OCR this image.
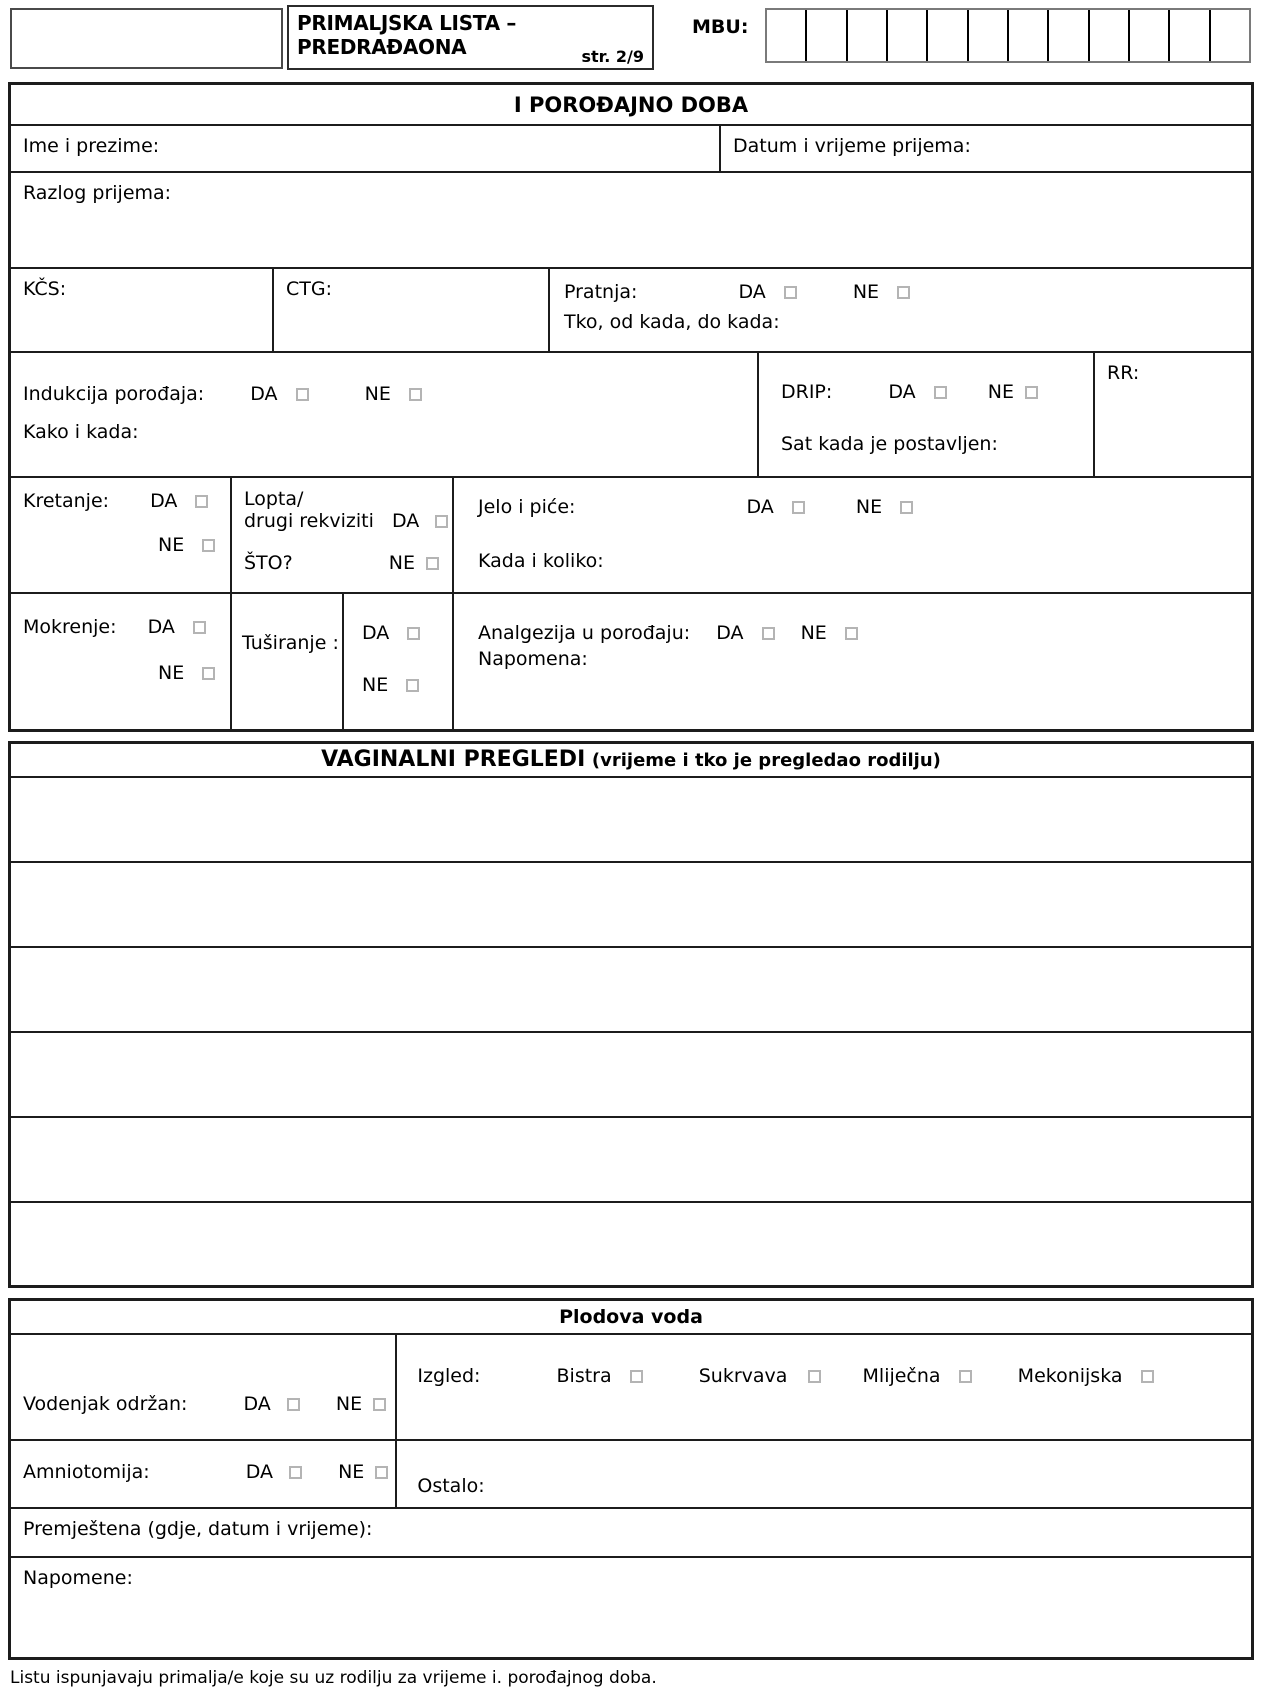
PRIMALJSKA LISTA –
PREDRAĐAONA	str. 2/9
MBU:
I POROĐAJNO DOBA
Ime i prezime:	Datum i vrijeme prijema:
Razlog prijema:
KČS:	CTG:	Pratnja:	DA	NE
Tko, od kada, do kada:
Indukcija porođaja: DA	NE
Kako i kada:
DRIP:	DA	NE
Sat kada je postavljen:
RR:
Kretanje: DA
NE
Lopta/
drugi rekviziti DA
ŠTO?	NE
Jelo i piće:	DA	NE
Kada i koliko:
Mokrenje: DA
NE
Tuširanje : DA
NE
Analgezija u porođaju: DA	NE
Napomena:
VAGINALNI PREGLEDI (vrijeme i tko je pregledao rodilju)
Plodova voda
Vodenjak održan:	DA	NE
Izgled:	Bistra	Sukrvava	Mliječna	Mekonijska
Amniotomija:	DA	NE
Ostalo:
Premještena (gdje, datum i vrijeme):
Napomene:
Listu ispunjavaju primalja/e koje su uz rodilju za vrijeme i. porođajnog doba.
